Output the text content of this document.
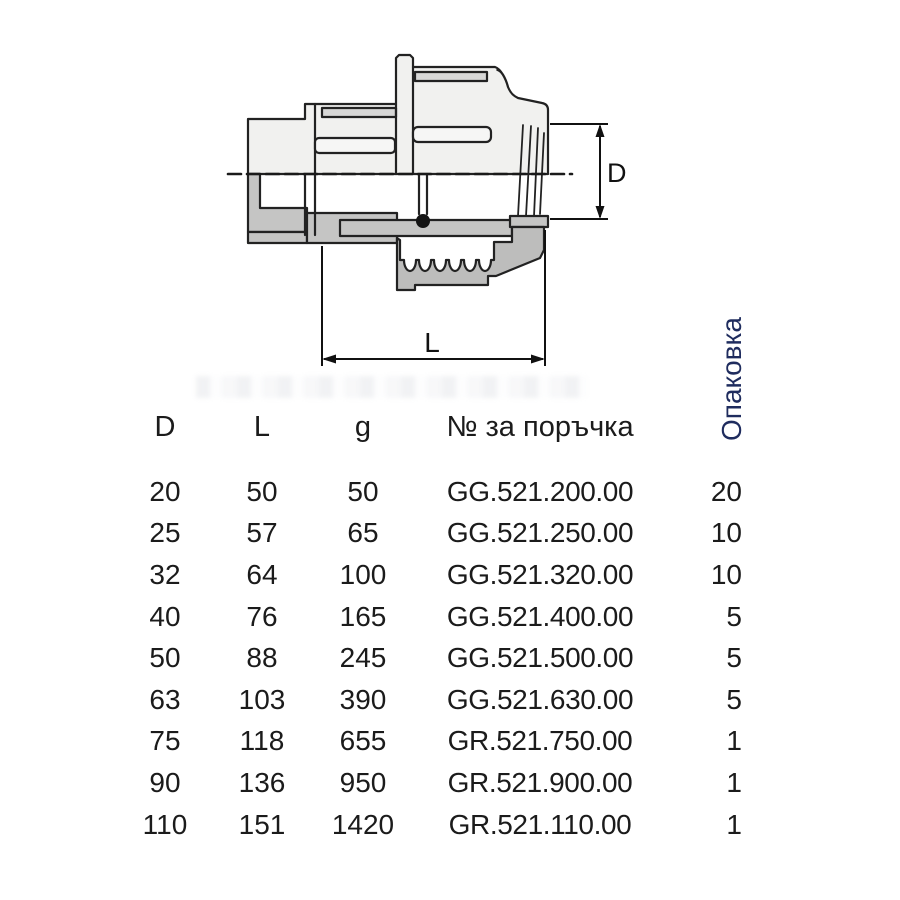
D
L
D	L	g	№ за поръчка	Опаковка
20	50	50	GG.521.200.00	20
25	57	65	GG.521.250.00	10
32	64	100	GG.521.320.00	10
40	76	165	GG.521.400.00	5
50	88	245	GG.521.500.00	5
63	103	390	GG.521.630.00	5
75	118	655	GR.521.750.00	1
90	136	950	GR.521.900.00	1
110	151	1420	GR.521.110.00	1
